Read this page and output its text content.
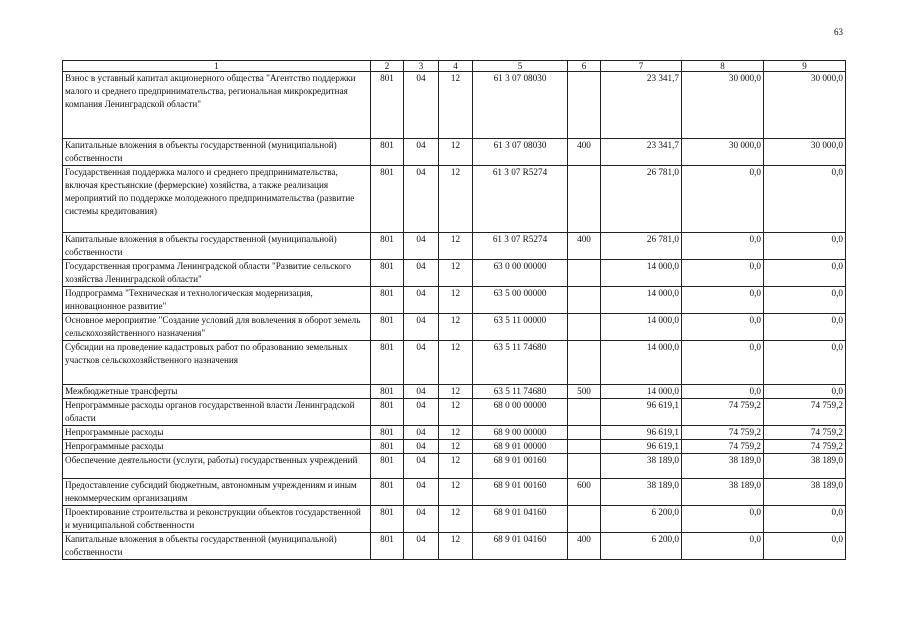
63
1	2	3	4	5	6	7	8	9
Взнос в уставный капитал акционерного общества "Агентство поддержки малого и среднего предпринимательства, региональная микрокредитная компания Ленинградской области"	801	04	12	61 3 07 08030		23 341,7	30 000,0	30 000,0
Капитальные вложения в объекты государственной (муниципальной) собственности	801	04	12	61 3 07 08030	400	23 341,7	30 000,0	30 000,0
Государственная поддержка малого и среднего предпринимательства, включая крестьянские (фермерские) хозяйства, а также реализация мероприятий по поддержке молодежного предпринимательства (развитие системы кредитования)	801	04	12	61 3 07 R5274		26 781,0	0,0	0,0
Капитальные вложения в объекты государственной (муниципальной) собственности	801	04	12	61 3 07 R5274	400	26 781,0	0,0	0,0
Государственная программа Ленинградской области "Развитие сельского хозяйства Ленинградской области"	801	04	12	63 0 00 00000		14 000,0	0,0	0,0
Подпрограмма "Техническая и технологическая модернизация, инновационное развитие"	801	04	12	63 5 00 00000		14 000,0	0,0	0,0
Основное мероприятие "Создание условий для вовлечения в оборот земель сельскохозяйственного назначения"	801	04	12	63 5 11 00000		14 000,0	0,0	0,0
Субсидии на проведение кадастровых работ по образованию земельных участков сельскохозяйственного назначения	801	04	12	63 5 11 74680		14 000,0	0,0	0,0
Межбюджетные трансферты	801	04	12	63 5 11 74680	500	14 000,0	0,0	0,0
Непрограммные расходы органов государственной власти Ленинградской области	801	04	12	68 0 00 00000		96 619,1	74 759,2	74 759,2
Непрограммные расходы	801	04	12	68 9 00 00000		96 619,1	74 759,2	74 759,2
Непрограммные расходы	801	04	12	68 9 01 00000		96 619,1	74 759,2	74 759,2
Обеспечение деятельности (услуги, работы) государственных учреждений	801	04	12	68 9 01 00160		38 189,0	38 189,0	38 189,0
Предоставление субсидий бюджетным, автономным учреждениям и иным некоммерческим организациям	801	04	12	68 9 01 00160	600	38 189,0	38 189,0	38 189,0
Проектирование строительства и реконструкции объектов государственной и муниципальной собственности	801	04	12	68 9 01 04160		6 200,0	0,0	0,0
Капитальные вложения в объекты государственной (муниципальной) собственности	801	04	12	68 9 01 04160	400	6 200,0	0,0	0,0
